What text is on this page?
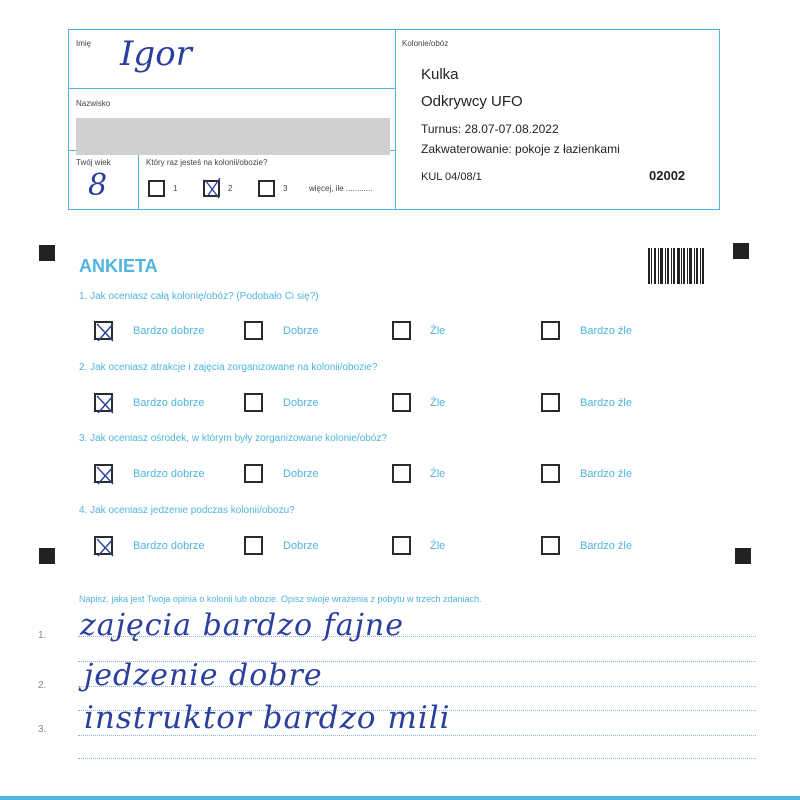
Imię Igor
Nazwisko
Twój wiek
8
Który raz jesteś na kolonii/obozie?
1	2	3	więcej, ile ............
Kolonie/obóz
Kulka
Odkrywcy UFO
Turnus: 28.07-07.08.2022
Zakwaterowanie: pokoje z łazienkami
KUL 04/08/1	02002
ANKIETA
1. Jak oceniasz całą kolonię/obóz? (Podobało Ci się?)
Bardzo dobrze	Dobrze	Źle	Bardzo źle
2. Jak oceniasz atrakcje i zajęcia zorganizowane na kolonii/obozie?
Bardzo dobrze	Dobrze	Źle	Bardzo źle
3. Jak oceniasz ośrodek, w którym były zorganizowane kolonie/obóz?
Bardzo dobrze	Dobrze	Źle	Bardzo źle
4. Jak oceniasz jedzenie podczas kolonii/obozu?
Bardzo dobrze	Dobrze	Źle	Bardzo źle
Napisz, jaka jest Twoja opinia o kolonii lub obozie. Opisz swoje wrażenia z pobytu w trzech zdaniach.
1.
2.
3.
zajęcia bardzo fajne
jedzenie dobre
instruktor bardzo mili
